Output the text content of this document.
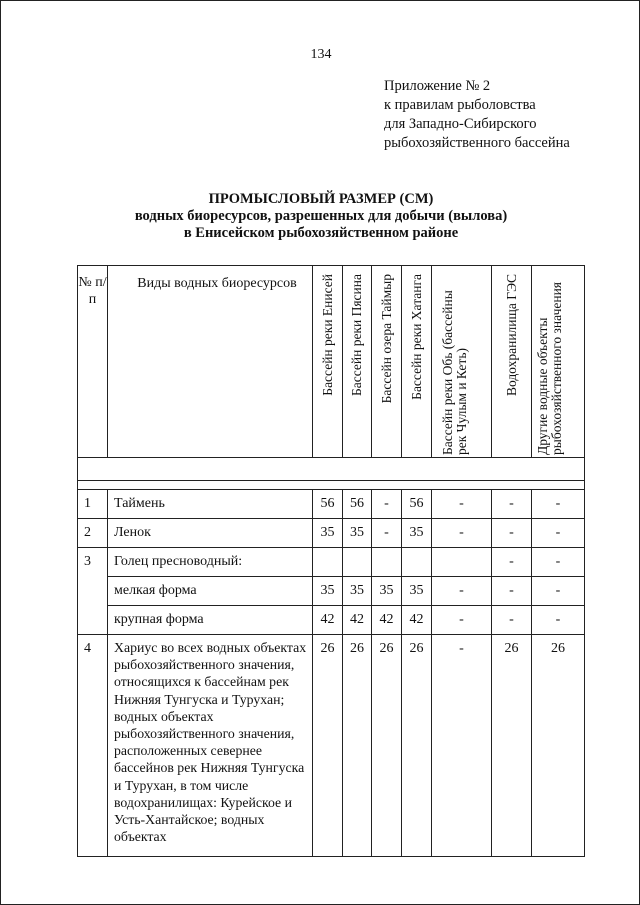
134
Приложение № 2
к правилам рыболовства
для Западно-Сибирского
рыбохозяйственного бассейна
ПРОМЫСЛОВЫЙ РАЗМЕР (СМ)
водных биоресурсов, разрешенных для добычи (вылова)
в Енисейском рыбохозяйственном районе
№ п/п	Виды водных биоресурсов	Бассейн реки Енисей	Бассейн реки Пясина	Бассейн озера Таймыр	Бассейн реки Хатанга	Бассейн реки Обь (бассейны рек Чулым и Кеть)	Водохранилища ГЭС	Другие водные объекты рыбохозяйственного значения

1	Таймень	56	56	-	56	-	-	-
2	Ленок	35	35	-	35	-	-	-
3	Голец пресноводный:						-	-
	мелкая форма	35	35	35	35	-	-	-
	крупная форма	42	42	42	42	-	-	-
4	Хариус во всех водных объектах рыбохозяйственного значения, относящихся к бассейнам рек Нижняя Тунгуска и Турухан; водных объектах рыбохозяйственного значения, расположенных севернее бассейнов рек Нижняя Тунгуска и Турухан, в том числе водохранилищах: Курейское и Усть-Хантайское; водных объектах	26	26	26	26	-	26	26
